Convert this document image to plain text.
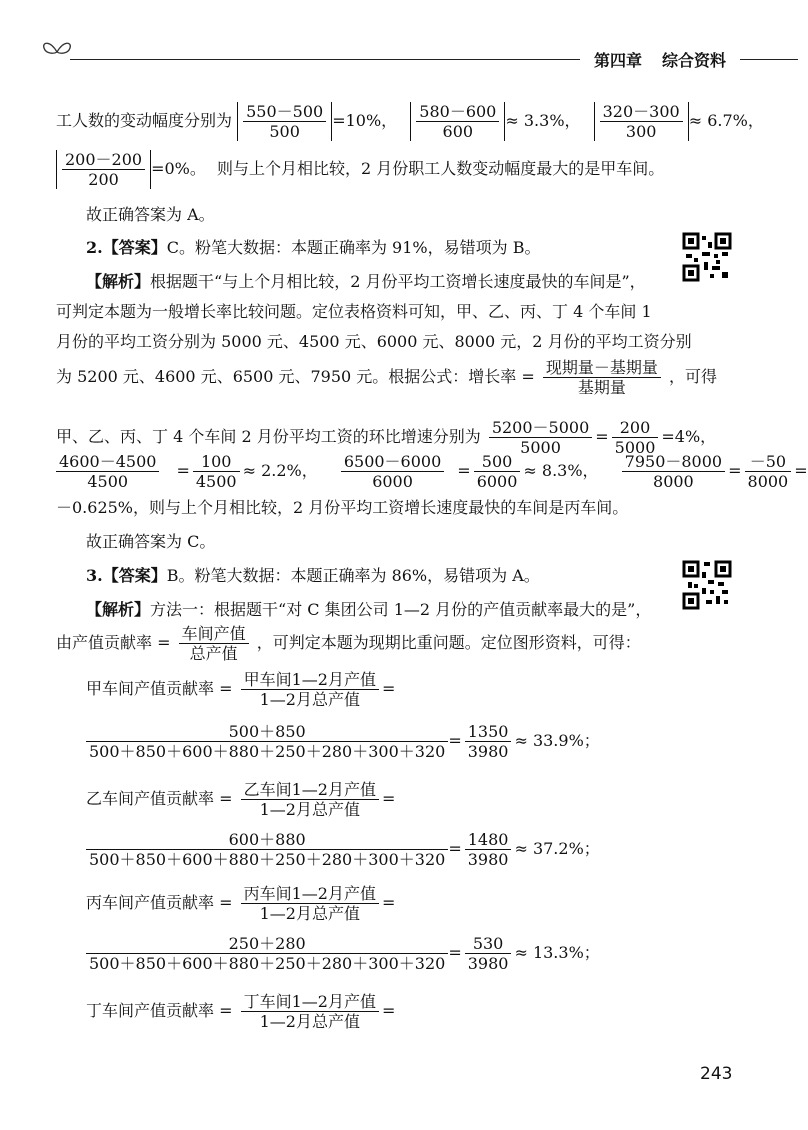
第四章 综合资料
工人数的变动幅度分别为 $\frac{550-500}{500} =10\%$， $\frac{580-600}{600} \approx 3.3\%$， $\frac{320-300}{300} \approx 6.7\%$，
$\frac{200-200}{200} =0\%$。 则与上个月相比较，2 月份职工人数变动幅度最大的是甲车间。
故正确答案为 A。
2.【答案】C。粉笔大数据：本题正确率为 91%，易错项为 B。
【解析】根据题干“与上个月相比较，2 月份平均工资增长速度最快的车间是”，
可判定本题为一般增长率比较问题。定位表格资料可知，甲、乙、丙、丁 4 个车间 1
月份的平均工资分别为 5000 元、4500 元、6000 元、8000 元，2 月份的平均工资分别
为 5200 元、4600 元、6500 元、7950 元。根据公式：增长率 = $\frac{\text{现期量－基期量}}{\text{基期量}}$ ，可得
甲、乙、丙、丁 4 个车间 2 月份平均工资的环比增速分别为 $\frac{5200-5000}{5000} = \frac{200}{5000} =4\%$，
$\frac{4600-4500}{4500} = \frac{100}{4500} \approx 2.2\%$， $\frac{6500-6000}{6000} = \frac{500}{6000} \approx 8.3\%$， $\frac{7950-8000}{8000} = \frac{-50}{8000}$ =
－0.625%，则与上个月相比较，2 月份平均工资增长速度最快的车间是丙车间。
故正确答案为 C。
3.【答案】B。粉笔大数据：本题正确率为 86%，易错项为 A。
【解析】方法一：根据题干“对 C 集团公司 1—2 月份的产值贡献率最大的是”，
由产值贡献率 = $\frac{\text{车间产值}}{\text{总产值}}$ ，可判定本题为现期比重问题。定位图形资料，可得：
甲车间产值贡献率 = $\frac{\text{甲车间1—2月产值}}{\text{1—2月总产值}}$ =
$\frac{500+850}{500+850+600+880+250+280+300+320} = \frac{1350}{3980} \approx 33.9\%$；
乙车间产值贡献率 = $\frac{\text{乙车间1—2月产值}}{\text{1—2月总产值}}$ =
$\frac{600+880}{500+850+600+880+250+280+300+320} = \frac{1480}{3980} \approx 37.2\%$；
丙车间产值贡献率 = $\frac{\text{丙车间1—2月产值}}{\text{1—2月总产值}}$ =
$\frac{250+280}{500+850+600+880+250+280+300+320} = \frac{530}{3980} \approx 13.3\%$；
丁车间产值贡献率 = $\frac{\text{丁车间1—2月产值}}{\text{1—2月总产值}}$ =
243
